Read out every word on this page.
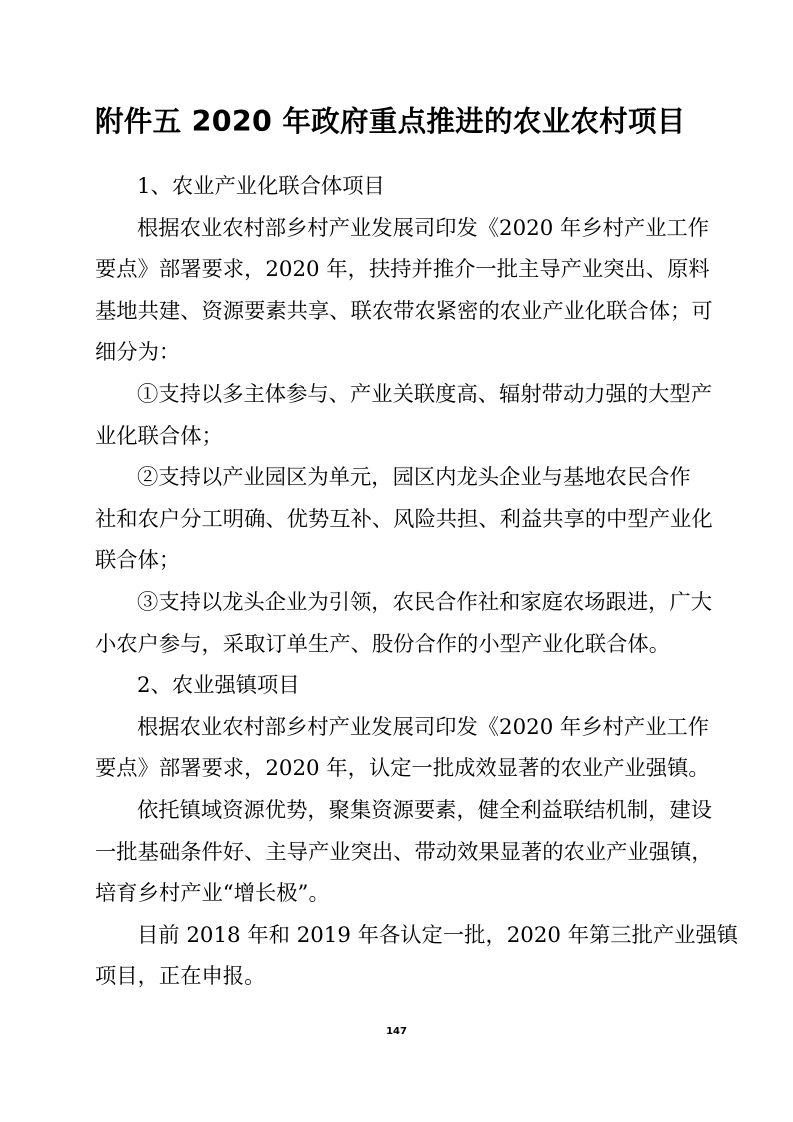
附件五 2020 年政府重点推进的农业农村项目
1、农业产业化联合体项目
根据农业农村部乡村产业发展司印发《2020 年乡村产业工作
要点》部署要求，2020 年，扶持并推介一批主导产业突出、原料
基地共建、资源要素共享、联农带农紧密的农业产业化联合体；可
细分为：
①支持以多主体参与、产业关联度高、辐射带动力强的大型产
业化联合体；
②支持以产业园区为单元，园区内龙头企业与基地农民合作
社和农户分工明确、优势互补、风险共担、利益共享的中型产业化
联合体；
③支持以龙头企业为引领，农民合作社和家庭农场跟进，广大
小农户参与，采取订单生产、股份合作的小型产业化联合体。
2、农业强镇项目
根据农业农村部乡村产业发展司印发《2020 年乡村产业工作
要点》部署要求，2020 年，认定一批成效显著的农业产业强镇。
依托镇域资源优势，聚集资源要素，健全利益联结机制，建设
一批基础条件好、主导产业突出、带动效果显著的农业产业强镇，
培育乡村产业“增长极”。
目前 2018 年和 2019 年各认定一批，2020 年第三批产业强镇
项目，正在申报。
147
